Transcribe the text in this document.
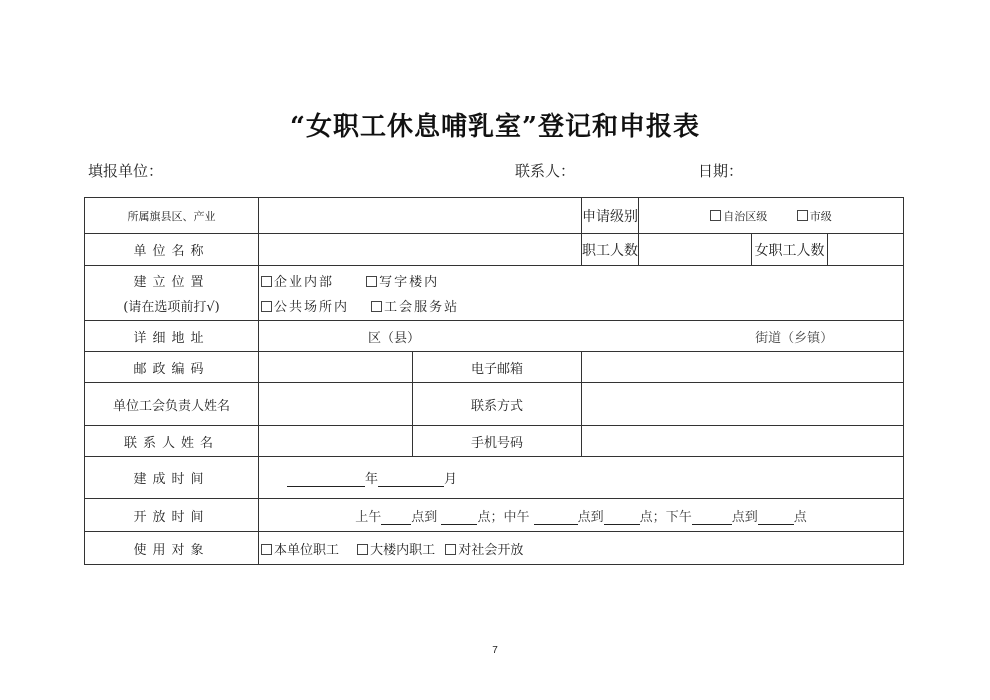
“女职工休息哺乳室”登记和申报表
填报单位：	联系人：	日期：
所属旗县区、产业			申请级别	自治区级 市级		
单位名称			职工人数		女职工人数	

建立位置
(请在选项前打√)

企业内部	写字楼内
公共场所内	工会服务站

详细地址	区（县） 街道（乡镇）					
邮政编码		电子邮箱				
单位工会负责人姓名		联系方式				
联系人姓名		手机号码				
建成时间	年 月					
开放时间	上午 点到 点；中午 点到 点；下午 点到 点					
使用对象	本单位职工 大楼内职工 对社会开放					
7
